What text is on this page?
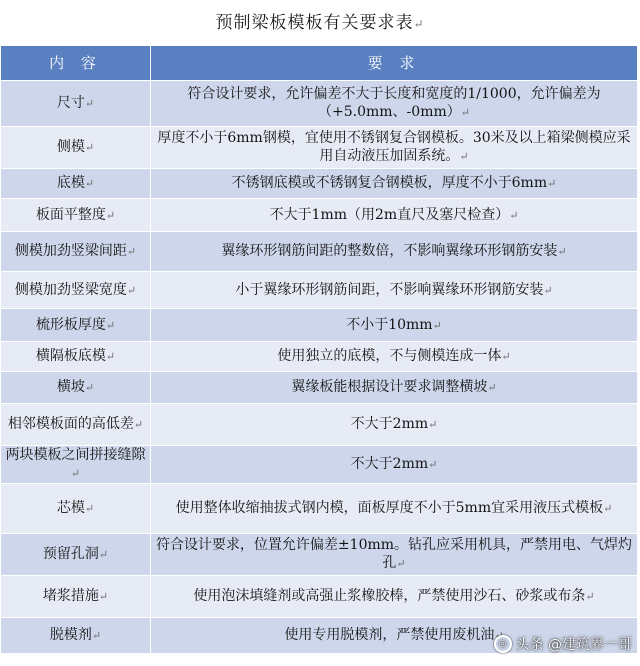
预制梁板模板有关要求表↵
内 容	要 求
尺寸↵	符合设计要求，允许偏差不大于长度和宽度的1/1000，允许偏差为（+5.0mm、-0mm）↵
侧模↵	厚度不小于6mm钢模，宜使用不锈钢复合钢模板。30米及以上箱梁侧模应采用自动液压加固系统。↵
底模↵	不锈钢底模或不锈钢复合钢模板，厚度不小于6mm↵
板面平整度↵	不大于1mm（用2m直尺及塞尺检查）↵
侧模加劲竖梁间距↵	翼缘环形钢筋间距的整数倍，不影响翼缘环形钢筋安装↵
侧模加劲竖梁宽度↵	小于翼缘环形钢筋间距，不影响翼缘环形钢筋安装↵
梳形板厚度↵	不小于10mm↵
横隔板底模↵	使用独立的底模，不与侧模连成一体↵
横坡↵	翼缘板能根据设计要求调整横坡↵
相邻模板面的高低差↵	不大于2mm↵
两块模板之间拼接缝隙↵	不大于2mm↵
芯模↵	使用整体收缩抽拔式钢内模，面板厚度不小于5mm宜采用液压式模板↵
预留孔洞↵	符合设计要求，位置允许偏差±10mm。钻孔应采用机具，严禁用电、气焊灼孔↵
堵浆措施↵	使用泡沫填缝剂或高强止浆橡胶棒，严禁使用沙石、砂浆或布条↵
脱模剂↵	使用专用脱模剂，严禁使用废机油↵
◎ 头条 @建筑界一哥
